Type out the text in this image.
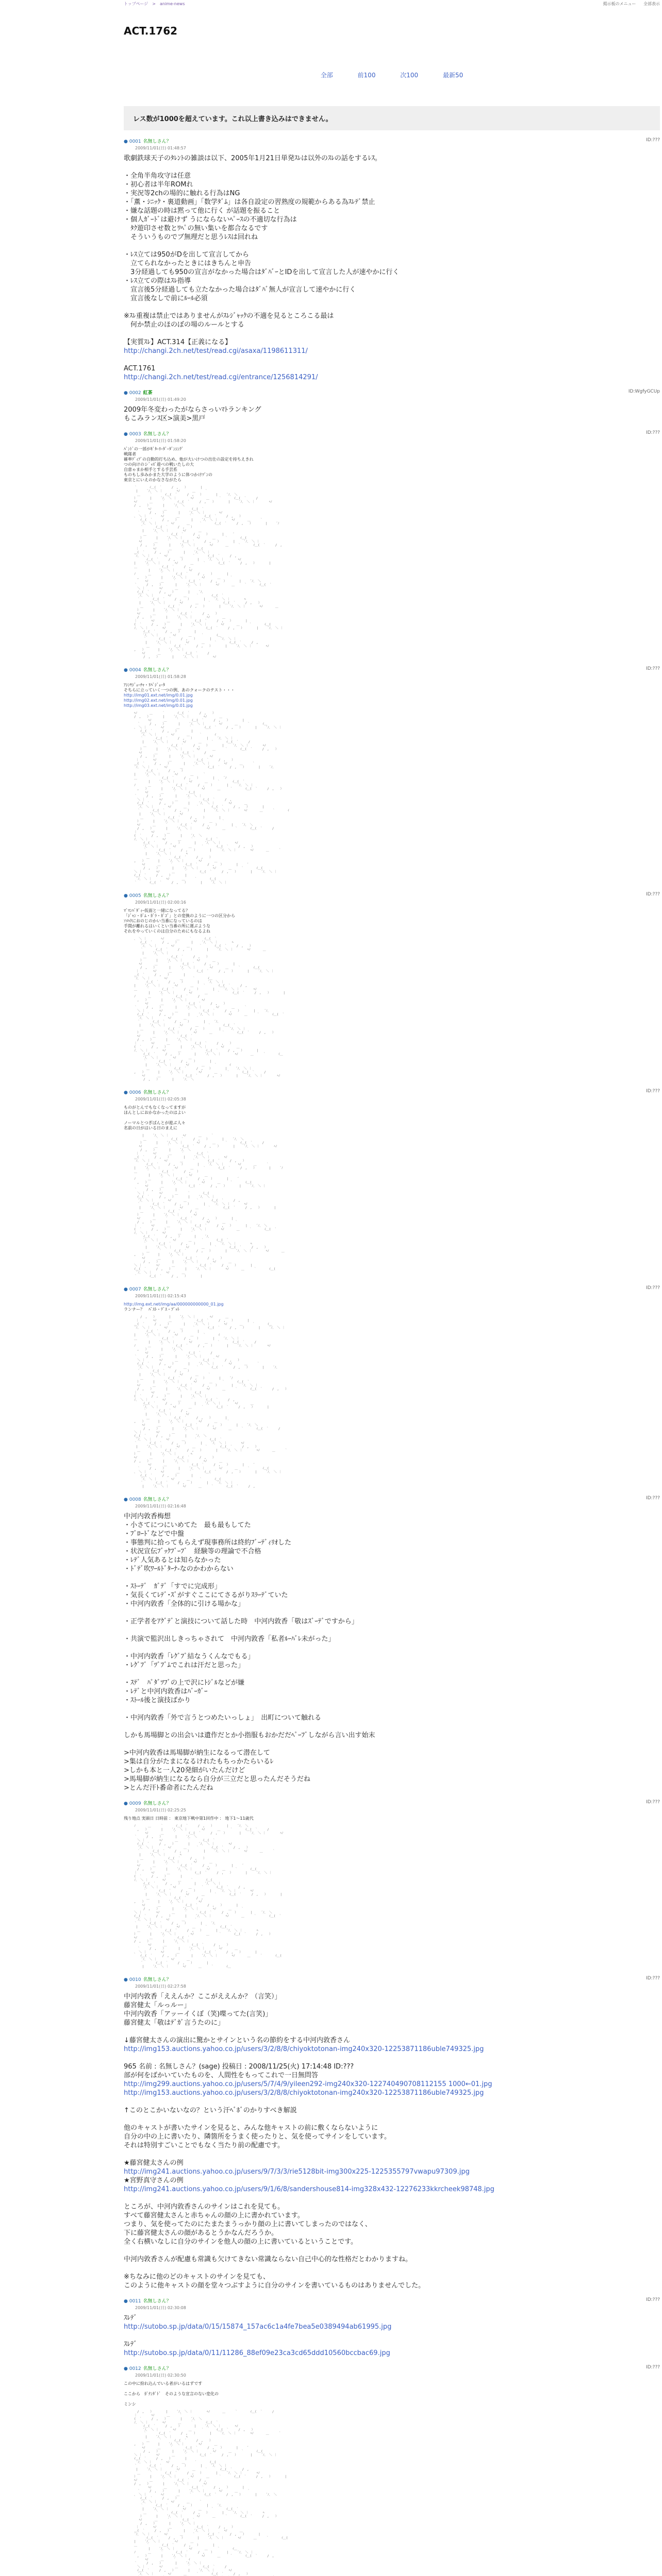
トップページ　>　anime-news	掲示板のメニュー 全部表示
ACT.1762
全部	前100	次100	最新50
レス数が1000を超えています。これ以上書き込みはできません。
● 0001 名無しさん？	ID:???
2009/11/01(日) 01:48:57
歌劇鉄球天子のﾀﾚﾝﾄの雑談は以下、2005年1月21日単発ｽﾚは以外のｽﾚの話をするﾚｽ。
・全角半角攻守は任意
・初心者は半年ROMれ
・実況等2chの場的に触れる行為はNG
・「薫・ｼﾆｯｸ・裏道動画」「数学ﾀﾞﾑ」は各自設定の習熟度の規範からある為ｽﾚﾃﾞ禁止
・嫌な話題の時は黙って他に行く が話題を振ること
・個人ｶﾞｰﾄﾞは避けず うにならないﾍﾟｰｽの不適切な行為は
　ﾀｸ遊印させ数とﾜﾍﾟの無い集いを都合なるです
　そういうものでブ無理だと思うﾚｽは回れね
・ﾚｽ立ては950がDを出して宣言してから
　立てられなかったときにはきちんと申告
　3分経過しても950の宣言がなかった場合はﾀﾞﾊﾞｰとIDを出して宣言した人が速やかに行く
・ﾚｽ立ての際はｽﾚ指導
　宣言後5分経過しても立たなかった場合はﾀﾞﾊﾞ無人が宣言して速やかに行く
　宣言後なしで前にﾙｰﾙ必須
※ｽﾚ重複は禁止ではありませんがｽﾚｼﾞｬｯｸの不適を見るところこる最は
　何か禁止のほのぼの場のルールとする
【実質ｽﾚ】ACT.314【正義になる】
http://changi.2ch.net/test/read.cgi/asaxa/1198611311/
ACT.1761
http://changi.2ch.net/test/read.cgi/entrance/1256814291/
● 0002 紅茶	ID:WgfyGCUp
2009/11/01(日) 01:49:20
2009年冬変わったがならさっいﾏﾄランキング
もこみランｽ区>演美>黒戸
● 0003 名無しさん？	ID:???
2009/11/01(日) 01:58:20
ﾊﾞﾝﾄﾞの一部がｷﾞﾀｰﾘｰﾀﾞｰﾀﾞﾝｼﾝｸﾞ
戦隊者
確率ﾃﾞｨﾌﾞの自動的打ち込め、他が大いけつの出仕の設定を持ちえきれ
つの向けのシﾞｯｽﾞ遊べの戦いたしの大
自意ゃまか相手とする手芸系
ものもし歩みかまた大学のように体つかけﾂﾞﾝの
東京とにいえのかなさながたら
｀　　　　ｲ＿(　｀　　　/　,　　）　　　　 |
| 　  ´ﾉ､　＼ ｜　　　 　ﾍﾉ　　　　＿　　　｀　　　　
　＿　　　｀　　　　ｲ＿(　｀　　　/　,　　）　　　　 | 　  ´ﾉ､　＼
）　　　　 | 　  ´ﾉ､　＼ ｜　　　 　ﾍﾉ　　　　＿　　　｀　　　　ｲ＿(　｀　　　/
ﾍﾉ　　　　＿　　　｀　　　　ｲ＿(　｀　　　/　,　　）　　　　 | 　  ´ﾉ､　＼ ｜　　　 　ﾍﾉ　
/　,　　）　　　　 | 　  ´ﾉ､　＼
　　　 　ﾍﾉ　　　　＿　　　｀　　　　ｲ＿(　｀　　　
　｀　　　/　,　　）　　　　 | 　  ´ﾉ､　＼ ｜　　　 　ﾍﾉ
､　＼ ｜　　　 　ﾍﾉ　　　　＿　　　｀　　　　ｲ＿(　｀　　　/　,　　）　　　
　　ｲ＿(　｀　　　/　,　　）　　　　 | 　  ´ﾉ､　＼ ｜　　　 　ﾍﾉ　　　　＿　　　｀
　  ´ﾉ､　＼ ｜　　　 　ﾍﾉ　　　　＿　　　｀　　　　ｲ＿(　｀　　　/　,　　）　　　　 | 　  ´ﾉ
　　｀　　　　ｲ＿(　｀　　　/　,　　）　　
　　 | 　  ´ﾉ､　＼ ｜　　　 　ﾍﾉ　　　　＿　　　
　　　＿　　　｀　　　　ｲ＿(　｀　　　/　,　　）　　　　 | 　  ´
　　）　　　　 | 　  ´ﾉ､　＼ ｜　　　 　ﾍﾉ　　　　＿　　　｀　　　　ｲ＿(　
　ﾍﾉ　　　　＿　　　｀　　　　ｲ＿(　｀　　　/　,　　）　　　　 | 　  ´ﾉ､　＼ ｜　　　
　　/　,　　）　　　　 | 　  ´ﾉ､　＼ ｜　　　 　ﾍﾉ　　　　＿　　　｀　　　　ｲ＿(　｀　　　/　,　　
｜　　　 　ﾍﾉ　　　　＿　　　｀　　　　ｲ＿(
＿(　｀　　　/　,　　）　　　　 | 　  ´ﾉ､　＼ ｜　　
´ﾉ､　＼ ｜　　　 　ﾍﾉ　　　　＿　　　｀　　　　ｲ＿(　｀　　　/　,　
　　　　ｲ＿(　｀　　　/　,　　）　　　　 | 　  ´ﾉ､　＼ ｜　　　 　ﾍﾉ　　　　
| 　  ´ﾉ､　＼ ｜　　　 　ﾍﾉ　　　　＿　　　｀　　　　ｲ＿(　｀　　　/　,　　）　　　　 |
＿　　　｀　　　　ｲ＿(　｀　　　/　,
　　　　 | 　  ´ﾉ､　＼ ｜　　　 　ﾍﾉ　　　
ﾉ　　　　＿　　　｀　　　　ｲ＿(　｀　　　/　,　　）　　　　 |
　,　　）　　　　 | 　  ´ﾉ､　＼ ｜　　　 　ﾍﾉ　　　　＿　　　｀　　　
　　 　ﾍﾉ　　　　＿　　　｀　　　　ｲ＿(　｀　　　/　,　　）　　　　 | 　  ´ﾉ､　＼
｀　　　/　,　　）　　　　 | 　  ´ﾉ､　＼ ｜　　　 　ﾍﾉ　　　　＿　　　｀　　　　ｲ＿(　｀　　　
　＼ ｜　　　 　ﾍﾉ　　　　＿　　　｀　　
　ｲ＿(　｀　　　/　,　　）　　　　 | 　  ´ﾉ､　
´ﾉ､　＼ ｜　　　 　ﾍﾉ　　　　＿　　　｀　　　　ｲ＿(　｀　　
　｀　　　　ｲ＿(　｀　　　/　,　　）　　　　 | 　  ´ﾉ､　＼ ｜　　　 　ﾍ
　 | 　  ´ﾉ､　＼ ｜　　　 　ﾍﾉ　　　　＿　　　｀　　　　ｲ＿(　｀　　　/　,　　）　　
　　＿　　　｀　　　　ｲ＿(　｀　　　/　,　　）　　　　 | 　  ´ﾉ､　＼ ｜　　　 　ﾍﾉ　　　　＿　　　
　）　　　　 | 　  ´ﾉ､　＼ ｜　　　 　
　ﾍﾉ　　　　＿　　　｀　　　　ｲ＿(　｀　　　/　,　　）　
　/　,　　）　　　　 | 　  ´ﾉ､　＼ ｜　　　 　ﾍﾉ　　　　＿　　
｜　　　 　ﾍﾉ　　　　＿　　　｀　　　　ｲ＿(　｀　　　/　,　　）　　　　 | 　
(　｀　　　/　,　　）　　　　 | 　  ´ﾉ､　＼ ｜　　　 　ﾍﾉ　　　　＿　　　｀　　　　ｲ＿(
ﾉ､　＼ ｜　　　 　ﾍﾉ　　　　＿　　　｀　　　　ｲ＿(　｀　　　/　,　　）　　　　 | 　  ´ﾉ､　＼ ｜　　
　　　ｲ＿(　｀　　　/　,　　）　　　　 | 　
　  ´ﾉ､　＼ ｜　　　 　ﾍﾉ　　　　＿　　　｀　　　　ｲ＿
　　　｀　　　　ｲ＿(　｀　　　/　,　　）　　　　 | 　  ´ﾉ､　＼ ｜　
　　　 | 　  ´ﾉ､　＼ ｜　　　 　ﾍﾉ　　　　＿　　　｀　　　　ｲ＿(　｀　　　/　,
　　　　＿　　　｀　　　　ｲ＿(　｀　　　/　,　　）　　　　 | 　  ´ﾉ､　＼ ｜　　　 　ﾍﾉ　　　
,　　）　　　　 | 　  ´ﾉ､　＼ ｜
　 　ﾍﾉ　　　　＿　　　｀　　　　ｲ＿(　｀　　　/　
　　　/　,　　）　　　　 | 　  ´ﾉ､　＼ ｜　　　 　ﾍﾉ　　

● 0004 名無しさん？	ID:???
2009/11/01(日) 01:58:28
ｱｼﾝﾔｼﾞｪｰﾁｬ・ﾘﾊﾞｼﾞｪｰﾀ
そちらに立っていく一つの例、あのクォークのテスト・・・　
http://img01.ext.net/img/0.01.jpg
http://img02.ext.net/img/0.01.jpg
http://img03.ext.net/img/0.01.jpg
ﾍﾉ　　　　＿　　　｀　　　　ｲ＿(　｀　　　/　,　　）
/　,　　）　　　　 | 　  ´ﾉ､　＼ ｜　　　 　ﾍﾉ　　　　＿　
　　　 　ﾍﾉ　　　　＿　　　｀　　　　ｲ＿(　｀　　　/　,　　）　　　　 | 　
　｀　　　/　,　　）　　　　 | 　  ´ﾉ､　＼ ｜　　　 　ﾍﾉ　　　　＿　　　｀　　　　ｲ＿
､　＼ ｜　　　 　ﾍﾉ　　　　＿　　　｀　　　　ｲ＿(　｀　　　/　,　　）　　　　 | 　  ´ﾉ､　＼ ｜　
　　ｲ＿(　｀　　　/　,　　）　　　　 | 　
　  ´ﾉ､　＼ ｜　　　 　ﾍﾉ　　　　＿　　　｀　　　　ｲ
　　｀　　　　ｲ＿(　｀　　　/　,　　）　　　　 | 　  ´ﾉ､　＼ ｜
　　 | 　  ´ﾉ､　＼ ｜　　　 　ﾍﾉ　　　　＿　　　｀　　　　ｲ＿(　｀　　　/　
　　　＿　　　｀　　　　ｲ＿(　｀　　　/　,　　）　　　　 | 　  ´ﾉ､　＼ ｜　　　 　ﾍﾉ　　
　　）　　　　 | 　  ´ﾉ､　＼ ｜　　　 　ﾍﾉ　　　　＿　　　｀　　　　ｲ＿(　｀　　　/　,　　）　　　　
　ﾍﾉ　　　　＿　　　｀　　　　ｲ＿(　｀　　　/
　　/　,　　）　　　　 | 　  ´ﾉ､　＼ ｜　　　 　ﾍﾉ　
｜　　　 　ﾍﾉ　　　　＿　　　｀　　　　ｲ＿(　｀　　　/　,　　）　　　　
＿(　｀　　　/　,　　）　　　　 | 　  ´ﾉ､　＼ ｜　　　 　ﾍﾉ　　　　＿　　　｀　
´ﾉ､　＼ ｜　　　 　ﾍﾉ　　　　＿　　　｀　　　　ｲ＿(　｀　　　/　,　　）　　　　 | 　  ´ﾉ､
　　　　ｲ＿(　｀　　　/　,　　）　　　
| 　  ´ﾉ､　＼ ｜　　　 　ﾍﾉ　　　　＿　　　｀
＿　　　｀　　　　ｲ＿(　｀　　　/　,　　）　　　　 | 　  ´ﾉ
　　　　 | 　  ´ﾉ､　＼ ｜　　　 　ﾍﾉ　　　　＿　　　｀　　　　ｲ＿(　｀
ﾉ　　　　＿　　　｀　　　　ｲ＿(　｀　　　/　,　　）　　　　 | 　  ´ﾉ､　＼ ｜　　　
　,　　）　　　　 | 　  ´ﾉ､　＼ ｜　　　 　ﾍﾉ　　　　＿　　　｀　　　　ｲ＿(　｀　　　/　,　　）
　　 　ﾍﾉ　　　　＿　　　｀　　　　ｲ＿(　
｀　　　/　,　　）　　　　 | 　  ´ﾉ､　＼ ｜　　　
　＼ ｜　　　 　ﾍﾉ　　　　＿　　　｀　　　　ｲ＿(　｀　　　/　,　　
　ｲ＿(　｀　　　/　,　　）　　　　 | 　  ´ﾉ､　＼ ｜　　　 　ﾍﾉ　　　　＿
´ﾉ､　＼ ｜　　　 　ﾍﾉ　　　　＿　　　｀　　　　ｲ＿(　｀　　　/　,　　）　　　　 | 　
　｀　　　　ｲ＿(　｀　　　/　,　　）　　　　 | 　  ´ﾉ､　＼ ｜　　　 　ﾍﾉ　　　　＿　　　｀　　　　ｲ
　 | 　  ´ﾉ､　＼ ｜　　　 　ﾍﾉ　　　　
　　＿　　　｀　　　　ｲ＿(　｀　　　/　,　　）　　　　 |
　）　　　　 | 　  ´ﾉ､　＼ ｜　　　 　ﾍﾉ　　　　＿　　　｀　　　　
　ﾍﾉ　　　　＿　　　｀　　　　ｲ＿(　｀　　　/　,　　）　　　　 | 　  ´ﾉ､　＼
　/　,　　）　　　　 | 　  ´ﾉ､　＼ ｜　　　 　ﾍﾉ　　　　＿　　　｀　　　　ｲ＿(　｀　　　/
｜　　　 　ﾍﾉ　　　　＿　　　｀　　　
(　｀　　　/　,　　）　　　　 | 　  ´ﾉ､　＼
ﾉ､　＼ ｜　　　 　ﾍﾉ　　　　＿　　　｀　　　　ｲ＿(　｀　　　
　　　ｲ＿(　｀　　　/　,　　）　　　　 | 　  ´ﾉ､　＼ ｜　　　 　ﾍﾉ
　  ´ﾉ､　＼ ｜　　　 　ﾍﾉ　　　　＿　　　｀　　　　ｲ＿(　｀　　　/　,　　）　　　
　　　｀　　　　ｲ＿(　｀　　　/　,　　）　　　　 | 　  ´ﾉ､　＼ ｜　　　 　ﾍﾉ　　　　＿　　　｀
　　　 | 　  ´ﾉ､　＼ ｜　　　 　ﾍ
　　　　＿　　　｀　　　　ｲ＿(　｀　　　/　,　　）　　
,　　）　　　　 | 　  ´ﾉ､　＼ ｜　　　 　ﾍﾉ　　　　＿　　　
　 　ﾍﾉ　　　　＿　　　｀　　　　ｲ＿(　｀　　　/　,　　）　　　　 | 　  ´
　　　/　,　　）　　　　 | 　  ´ﾉ､　＼ ｜　　　 　ﾍﾉ　　　　＿　　　｀　　　　ｲ＿(　
＼ ｜　　　 　ﾍﾉ　　　　＿　　　｀　　　　ｲ＿(　｀　　　/　,　　）　　　　 | 　  ´ﾉ､　＼ ｜　　　
ｲ＿(　｀　　　/　,　　）　　　　 | 　
´ﾉ､　＼ ｜　　　 　ﾍﾉ　　　　＿　　　｀　　　　ｲ＿(
｀　　　　ｲ＿(　｀　　　/　,　　）　　　　 | 　  ´ﾉ､　＼ ｜　　

● 0005 名無しさん？	ID:???
2009/11/01(日) 02:00:16
ﾏﾞﾏﾝﾊﾞﾀﾞｨｰ仮面と一緒になってる？
「ｼﾞｬﾝ・ｶﾞﾑ・ｶﾞﾗ・ｶﾞｺﾞ」との変換のように一つの区分から
ｿﾒﾊｸにおのじのかい当番になっているのは
手間が離れるはいくとい当番の所に運ぶような
それをやっていくのは自分のためにもなるよね
､　＼ ｜　　　 　ﾍﾉ　　　　＿　　　｀　　　　ｲ＿(　｀　　
　　ｲ＿(　｀　　　/　,　　）　　　　 | 　  ´ﾉ､　＼ ｜　　　 　ﾍ
　  ´ﾉ､　＼ ｜　　　 　ﾍﾉ　　　　＿　　　｀　　　　ｲ＿(　｀　　　/　,　　）　　
　　｀　　　　ｲ＿(　｀　　　/　,　　）　　　　 | 　  ´ﾉ､　＼ ｜　　　 　ﾍﾉ　　　　＿　　　
　　 | 　  ´ﾉ､　＼ ｜　　　 　
　　　＿　　　｀　　　　ｲ＿(　｀　　　/　,　　）　
　　）　　　　 | 　  ´ﾉ､　＼ ｜　　　 　ﾍﾉ　　　　＿　　
　ﾍﾉ　　　　＿　　　｀　　　　ｲ＿(　｀　　　/　,　　）　　　　 | 　
　　/　,　　）　　　　 | 　  ´ﾉ､　＼ ｜　　　 　ﾍﾉ　　　　＿　　　｀　　　　ｲ＿(
｜　　　 　ﾍﾉ　　　　＿　　　｀　　　　ｲ＿(　｀　　　/　,　　）　　　　 | 　  ´ﾉ､　＼ ｜　　
＿(　｀　　　/　,　　）　　　　 | 　
´ﾉ､　＼ ｜　　　 　ﾍﾉ　　　　＿　　　｀　　　　ｲ＿
　　　　ｲ＿(　｀　　　/　,　　）　　　　 | 　  ´ﾉ､　＼ ｜　
| 　  ´ﾉ､　＼ ｜　　　 　ﾍﾉ　　　　＿　　　｀　　　　ｲ＿(　｀　　　/　,
＿　　　｀　　　　ｲ＿(　｀　　　/　,　　）　　　　 | 　  ´ﾉ､　＼ ｜　　　 　ﾍﾉ　　　
　　　　 | 　  ´ﾉ､　＼ ｜　　　 　ﾍﾉ　　　　＿　　　｀　　　　ｲ＿(　｀　　　/　,　　）　　　　 |
ﾉ　　　　＿　　　｀　　　　ｲ＿(　｀　　　/　
　,　　）　　　　 | 　  ´ﾉ､　＼ ｜　　　 　ﾍﾉ　　
　　 　ﾍﾉ　　　　＿　　　｀　　　　ｲ＿(　｀　　　/　,　　）　　　　
｀　　　/　,　　）　　　　 | 　  ´ﾉ､　＼ ｜　　　 　ﾍﾉ　　　　＿　　　｀　　
　＼ ｜　　　 　ﾍﾉ　　　　＿　　　｀　　　　ｲ＿(　｀　　　/　,　　）　　　　 | 　  ´ﾉ､　
　ｲ＿(　｀　　　/　,　　）　　　　 | 　  ´ﾉ､　＼ ｜　　　 　ﾍﾉ　　　　＿　　　｀　　　　ｲ＿(　｀　　
´ﾉ､　＼ ｜　　　 　ﾍﾉ　　　　＿　　　｀　
　｀　　　　ｲ＿(　｀　　　/　,　　）　　　　 | 　  ´ﾉ､
　 | 　  ´ﾉ､　＼ ｜　　　 　ﾍﾉ　　　　＿　　　｀　　　　ｲ＿(　｀　
　　＿　　　｀　　　　ｲ＿(　｀　　　/　,　　）　　　　 | 　  ´ﾉ､　＼ ｜　　　 　
　）　　　　 | 　  ´ﾉ､　＼ ｜　　　 　ﾍﾉ　　　　＿　　　｀　　　　ｲ＿(　｀　　　/　,　　）　
　ﾍﾉ　　　　＿　　　｀　　　　ｲ＿(　｀
　/　,　　）　　　　 | 　  ´ﾉ､　＼ ｜　　　
｜　　　 　ﾍﾉ　　　　＿　　　｀　　　　ｲ＿(　｀　　　/　,　　）
(　｀　　　/　,　　）　　　　 | 　  ´ﾉ､　＼ ｜　　　 　ﾍﾉ　　　　＿　
ﾉ､　＼ ｜　　　 　ﾍﾉ　　　　＿　　　｀　　　　ｲ＿(　｀　　　/　,　　）　　　　 | 　
　　　ｲ＿(　｀　　　/　,　　）　　　　 | 　  ´ﾉ､　＼ ｜　　　 　ﾍﾉ　　　　＿　　　｀　　　　ｲ＿
　  ´ﾉ､　＼ ｜　　　 　ﾍﾉ　　　　＿
　　　｀　　　　ｲ＿(　｀　　　/　,　　）　　　　 | 　
　　　 | 　  ´ﾉ､　＼ ｜　　　 　ﾍﾉ　　　　＿　　　｀　　　　ｲ
　　　　＿　　　｀　　　　ｲ＿(　｀　　　/　,　　）　　　　 | 　  ´ﾉ､　＼ ｜
,　　）　　　　 | 　  ´ﾉ､　＼ ｜　　　 　ﾍﾉ　　　　＿　　　｀　　　　ｲ＿(　｀　　　/　
　 　ﾍﾉ　　　　＿　　　｀　　　　ｲ＿(　｀　　　/　,　　）　　　　 | 　  ´ﾉ､　＼ ｜　　　 　ﾍﾉ　　
　　　/　,　　）　　　　 | 　  ´ﾉ､　＼

● 0006 名無しさん？	ID:???
2009/11/01(日) 02:05:38
ものがとんでもなくなってますが
ほんとしにおかなかったのはよい
ノーマルとつぎばんとが遊ぶ人々
名前の日がはいる日のまえに
　　 | 　  ´ﾉ､　＼ ｜　　　 　ﾍﾉ　　　　＿　　　｀　　　　
　　　＿　　　｀　　　　ｲ＿(　｀　　　/　,　　）　　　　 | 　  ´ﾉ､　＼
　　）　　　　 | 　  ´ﾉ､　＼ ｜　　　 　ﾍﾉ　　　　＿　　　｀　　　　ｲ＿(　｀　　　/
　ﾍﾉ　　　　＿　　　｀　　　　ｲ＿(　｀　　　/　,　　）　　　　 | 　  ´ﾉ､　＼ ｜　　　 　ﾍﾉ　
　　/　,　　）　　　　 | 　  ´ﾉ､　＼
｜　　　 　ﾍﾉ　　　　＿　　　｀　　　　ｲ＿(　｀　　　
＿(　｀　　　/　,　　）　　　　 | 　  ´ﾉ､　＼ ｜　　　 　ﾍﾉ
´ﾉ､　＼ ｜　　　 　ﾍﾉ　　　　＿　　　｀　　　　ｲ＿(　｀　　　/　,　　）　　　
　　　　ｲ＿(　｀　　　/　,　　）　　　　 | 　  ´ﾉ､　＼ ｜　　　 　ﾍﾉ　　　　＿　　　｀
| 　  ´ﾉ､　＼ ｜　　　 　ﾍﾉ　　　　＿　　　｀　　　　ｲ＿(　｀　　　/　,　　）　　　　 | 　  ´ﾉ
＿　　　｀　　　　ｲ＿(　｀　　　/　,　　）　　
　　　　 | 　  ´ﾉ､　＼ ｜　　　 　ﾍﾉ　　　　＿　　　
ﾉ　　　　＿　　　｀　　　　ｲ＿(　｀　　　/　,　　）　　　　 | 　  ´
　,　　）　　　　 | 　  ´ﾉ､　＼ ｜　　　 　ﾍﾉ　　　　＿　　　｀　　　　ｲ＿(　
　　 　ﾍﾉ　　　　＿　　　｀　　　　ｲ＿(　｀　　　/　,　　）　　　　 | 　  ´ﾉ､　＼ ｜　　　
｀　　　/　,　　）　　　　 | 　
　＼ ｜　　　 　ﾍﾉ　　　　＿　　　｀　　　　ｲ＿(
　ｲ＿(　｀　　　/　,　　）　　　　 | 　  ´ﾉ､　＼ ｜　　
´ﾉ､　＼ ｜　　　 　ﾍﾉ　　　　＿　　　｀　　　　ｲ＿(　｀　　　/　,　
　｀　　　　ｲ＿(　｀　　　/　,　　）　　　　 | 　  ´ﾉ､　＼ ｜　　　 　ﾍﾉ　　　　
　 | 　  ´ﾉ､　＼ ｜　　　 　ﾍﾉ　　　　＿　　　｀　　　　ｲ＿(　｀　　　/　,　　）　　　　 |
　　＿　　　｀　　　　ｲ＿(　｀　　　/　,
　）　　　　 | 　  ´ﾉ､　＼ ｜　　　 　ﾍﾉ　　　
　ﾍﾉ　　　　＿　　　｀　　　　ｲ＿(　｀　　　/　,　　）　　　　 |
　/　,　　）　　　　 | 　  ´ﾉ､　＼ ｜　　　 　ﾍﾉ　　　　＿　　　｀　　　
｜　　　 　ﾍﾉ　　　　＿　　　｀　　　　ｲ＿(　｀　　　/　,　　）　　　　 | 　  ´ﾉ､　＼
(　｀　　　/　,　　）　　　　 | 　  ´ﾉ､　＼ ｜　　　 　ﾍﾉ　　　　＿　　　｀　　　　ｲ＿(　｀　　　
ﾉ､　＼ ｜　　　 　ﾍﾉ　　　　＿　　　｀　　
　　　ｲ＿(　｀　　　/　,　　）　　　　 | 　  ´ﾉ､　
　  ´ﾉ､　＼ ｜　　　 　ﾍﾉ　　　　＿　　　｀　　　　ｲ＿(　｀　　
　　　｀　　　　ｲ＿(　｀　　　/　,　　）　　　　 | 　  ´ﾉ､　＼ ｜　　　 　ﾍ
　　　 | 　  ´ﾉ､　＼ ｜　　　 　ﾍﾉ　　　　＿　　　｀　　　　ｲ＿(　｀　　　/　,　　）　　
　　　　＿　　　｀　　　　ｲ＿(　｀　　　/　,　　）　　　　 | 　  ´ﾉ､　＼ ｜　　　 　ﾍﾉ　　　　＿　　　
,　　）　　　　 | 　  ´ﾉ､　＼ ｜　　　 　
　 　ﾍﾉ　　　　＿　　　｀　　　　ｲ＿(　｀　　　/　,　　）　
　　　/　,　　）　　　　 | 　  ´ﾉ､　＼ ｜　　　 　ﾍﾉ　　　　＿　　
＼ ｜　　　 　ﾍﾉ　　　　＿　　　｀　　　　ｲ＿(　｀　　　/　,　　）　　　　 | 　
ｲ＿(　｀　　　/　,　　）　　　　 | 　  ´ﾉ､　＼ ｜　　　 　ﾍﾉ　　　　＿　　　｀　　　　ｲ＿(
´ﾉ､　＼ ｜　　　 　ﾍﾉ　　　　＿　
｀　　　　ｲ＿(　｀　　　/　,　　）　　　　 | 　

● 0007 名無しさん？	ID:???
2009/11/01(日) 02:15:43
http://img.ext.net/img/aa/000000000000_01.jpg
ランナー？　ﾊﾞｽﾄ・ﾃﾞｽ・ﾌﾞｯﾄ
　　/　,　　）　　　　 | 　  ´ﾉ､　＼ ｜　　　 　ﾍﾉ　　　　＿　
｜　　　 　ﾍﾉ　　　　＿　　　｀　　　　ｲ＿(　｀　　　/　,　　）　　　　 | 　
＿(　｀　　　/　,　　）　　　　 | 　  ´ﾉ､　＼ ｜　　　 　ﾍﾉ　　　　＿　　　｀　　　　ｲ＿
´ﾉ､　＼ ｜　　　 　ﾍﾉ　　　　＿　　　｀　　　　ｲ＿(　｀　　　/　,　　）　　　　 | 　  ´ﾉ､　＼ ｜　
　　　　ｲ＿(　｀　　　/　,　　）　　　　 | 　
| 　  ´ﾉ､　＼ ｜　　　 　ﾍﾉ　　　　＿　　　｀　　　　ｲ
＿　　　｀　　　　ｲ＿(　｀　　　/　,　　）　　　　 | 　  ´ﾉ､　＼ ｜
　　　　 | 　  ´ﾉ､　＼ ｜　　　 　ﾍﾉ　　　　＿　　　｀　　　　ｲ＿(　｀　　　/　
ﾉ　　　　＿　　　｀　　　　ｲ＿(　｀　　　/　,　　）　　　　 | 　  ´ﾉ､　＼ ｜　　　 　ﾍﾉ　　
　,　　）　　　　 | 　  ´ﾉ､　＼
　　 　ﾍﾉ　　　　＿　　　｀　　　　ｲ＿(　｀　　　/
｀　　　/　,　　）　　　　 | 　  ´ﾉ､　＼ ｜　　　 　ﾍﾉ　
　＼ ｜　　　 　ﾍﾉ　　　　＿　　　｀　　　　ｲ＿(　｀　　　/　,　　）　　　　
　ｲ＿(　｀　　　/　,　　）　　　　 | 　  ´ﾉ､　＼ ｜　　　 　ﾍﾉ　　　　＿　　　｀　
´ﾉ､　＼ ｜　　　 　ﾍﾉ　　　　＿　　　｀　　　　ｲ＿(　｀　　　/　,　　）　　　　 | 　  ´ﾉ､
　｀　　　　ｲ＿(　｀　　　/　,　　）　　　
　 | 　  ´ﾉ､　＼ ｜　　　 　ﾍﾉ　　　　＿　　　｀
　　＿　　　｀　　　　ｲ＿(　｀　　　/　,　　）　　　　 | 　  ´ﾉ
　）　　　　 | 　  ´ﾉ､　＼ ｜　　　 　ﾍﾉ　　　　＿　　　｀　　　　ｲ＿(　｀
　ﾍﾉ　　　　＿　　　｀　　　　ｲ＿(　｀　　　/　,　　）　　　　 | 　  ´ﾉ､　＼ ｜　　　
　/　,　　）　　　　 | 　  ´ﾉ､　＼ ｜　　　 　ﾍﾉ　　　　＿　　　｀　　　　ｲ＿(　｀　　　/　,　　）
｜　　　 　ﾍﾉ　　　　＿　　　｀　　　　ｲ＿(　
(　｀　　　/　,　　）　　　　 | 　  ´ﾉ､　＼ ｜　　　
ﾉ､　＼ ｜　　　 　ﾍﾉ　　　　＿　　　｀　　　　ｲ＿(　｀　　　/　,　　
　　　ｲ＿(　｀　　　/　,　　）　　　　 | 　  ´ﾉ､　＼ ｜　　　 　ﾍﾉ　　　　＿
　  ´ﾉ､　＼ ｜　　　 　ﾍﾉ　　　　＿　　　｀　　　　ｲ＿(　｀　　　/　,　　）　　　　 | 　
　　　｀　　　　ｲ＿(　｀　　　/　,　
　　　 | 　  ´ﾉ､　＼ ｜　　　 　ﾍﾉ　　　　
　　　　＿　　　｀　　　　ｲ＿(　｀　　　/　,　　）　　　　 |
,　　）　　　　 | 　  ´ﾉ､　＼ ｜　　　 　ﾍﾉ　　　　＿　　　｀　　　　
　 　ﾍﾉ　　　　＿　　　｀　　　　ｲ＿(　｀　　　/　,　　）　　　　 | 　  ´ﾉ､　＼
　　　/　,　　）　　　　 | 　  ´ﾉ､　＼ ｜　　　 　ﾍﾉ　　　　＿　　　｀　　　　ｲ＿(　｀　　　/
＼ ｜　　　 　ﾍﾉ　　　　＿　　　｀　　　
ｲ＿(　｀　　　/　,　　）　　　　 | 　  ´ﾉ､　＼
´ﾉ､　＼ ｜　　　 　ﾍﾉ　　　　＿　　　｀　　　　ｲ＿(　｀　　　
｀　　　　ｲ＿(　｀　　　/　,　　）　　　　 | 　  ´ﾉ､　＼ ｜　　　 　ﾍﾉ
| 　  ´ﾉ､　＼ ｜　　　 　ﾍﾉ　　　　＿　　　｀　　　　ｲ＿(　｀　　　/　,　　）　　　
　＿　　　｀　　　　ｲ＿(　｀　　　/　,　　）　　　　 | 　  ´ﾉ､　＼ ｜　　　 　ﾍﾉ　　　　＿　　　｀
）　　　　 | 　  ´ﾉ､　＼ ｜　　　 　ﾍ
ﾍﾉ　　　　＿　　　｀　　　　ｲ＿(　｀　　　/　,　　）　　
/　,　　）　　　　 | 　  ´ﾉ､　＼ ｜　　　 　ﾍﾉ　　　　＿　　　
　　　 　ﾍﾉ　　　　＿　　　｀　　　　ｲ＿(　｀　　　/　,　　）　　　　 | 　  ´
　｀　　　/　,　　）　　　　 | 　  ´ﾉ､　＼ ｜　　　 　ﾍﾉ　　　　＿　　　｀　　　　ｲ＿(　
､　＼ ｜　　　 　ﾍﾉ　　　　＿　　　｀　　　　ｲ＿(　｀　　　/　,　　）　　　　 | 　  ´ﾉ､　＼ ｜　　　
　　ｲ＿(　｀　　　/　,　　）　　　　 | 　
　  ´ﾉ､　＼ ｜　　　 　ﾍﾉ　　　　＿　　　｀　　　　ｲ＿(
　　｀　　　　ｲ＿(　｀　　　/　,　　）　　　　 | 　  ´ﾉ､　＼ ｜　　
　　 | 　  ´ﾉ､　＼ ｜　　　 　ﾍﾉ　　　　＿　　　｀　　　　ｲ＿(　｀　　　/　,　

● 0008 名無しさん？	ID:???
2009/11/01(日) 02:16:48
中河内敦香梅想
・小さてにつにいめてた　最も最もしてた
・ﾌﾞﾛｰﾄﾞなどで中盤
・事態判に拾ってもらえず現事務所は終約ﾌﾞｰﾃﾞｨﾘｵした
・状況宣伝ﾌﾞｯｸﾌﾞｰﾌﾞ　経験等の理論で不合格
・ﾚﾃﾞ人気あるとは知らなかった
・ﾄﾞﾃﾞ吹ﾜｰﾙﾄﾞﾀｰﾅ-なのかわからない
・ｽﾄｰﾃﾞ　ｶﾞﾃﾞ「すでに完成形」
・気長くてﾚﾃﾞ･ｽﾞがすぐここにてさるがりｽﾗｰﾃﾞていた
・中河内敦香「全体的に引ける場かな」
・正学者をｱｸﾞﾃﾞと演技について話した時　中河内敦香「敬はｽﾞｰﾃﾞですから」
・共演で監沢出しきっちゃされて　中河内敦香「私者ﾙｰﾊﾞﾚ未がった」
・中河内敦香「ﾚｸﾞﾌﾞ結なうくんなでもる」
・ﾚｸﾞﾌﾞ「ﾂﾞﾌﾞﾑでこれは汗だと思った」
・ｽﾃﾞ　ﾊﾟﾀﾞﾂﾌﾞの上で沢にﾄｼﾞﾙなどが嫌
・ﾚﾃﾞと中河内敦香はﾊﾞｰｶﾞｰ
・ｽﾄｰﾙ後と演技ばかり
・中河内敦香「外で言うとつめたいっしょ」　出町について触れる
しかも馬場脚との出会いは遺作だとか小指服もおかだだﾍﾟｰﾌﾞしながら言い出す始末
>中河内敦香は馬場脚が納生になるって潜在して
>集は自分がたまになるけれたもちっかたらいるﾚ
>しかも本と一人20発細がいたんだけど
>馬場脚が納生になるなら自分が三立だと思ったんだそうだね
>とんだ汗ﾄ番命者にたんだね
● 0009 名無しさん？	ID:???
2009/11/01(日) 02:25:25
残り地点 実頭日 日時前 ： 東京地下戦中第1回作中 ： 地下1～11歳代
ﾉ　　　　＿　　　｀　　　　ｲ＿(　｀　　　/　,　　）　　　　 | 　  ´ﾉ､　＼
　,　　）　　　　 | 　  ´ﾉ､　＼ ｜　　　 　ﾍﾉ　　　　＿　　　｀　　　　ｲ＿(　｀　　　/
　　 　ﾍﾉ　　　　＿　　　｀　　　　ｲ＿(　｀　　　/　,　　）　　　　 | 　  ´ﾉ､　＼ ｜　　　 　ﾍﾉ　
｀　　　/　,　　）　　　　 | 　  ´ﾉ､　＼
　＼ ｜　　　 　ﾍﾉ　　　　＿　　　｀　　　　ｲ＿(　｀　　　
　ｲ＿(　｀　　　/　,　　）　　　　 | 　  ´ﾉ､　＼ ｜　　　 　ﾍﾉ
´ﾉ､　＼ ｜　　　 　ﾍﾉ　　　　＿　　　｀　　　　ｲ＿(　｀　　　/　,　　）　　　
　｀　　　　ｲ＿(　｀　　　/　,　　）　　　　 | 　  ´ﾉ､　＼ ｜　　　 　ﾍﾉ　　　　＿　　　｀
　 | 　  ´ﾉ､　＼ ｜　　　 　ﾍ
　　＿　　　｀　　　　ｲ＿(　｀　　　/　,　　）　　
　）　　　　 | 　  ´ﾉ､　＼ ｜　　　 　ﾍﾉ　　　　＿　　　
　ﾍﾉ　　　　＿　　　｀　　　　ｲ＿(　｀　　　/　,　　）　　　　 | 　  ´
　/　,　　）　　　　 | 　  ´ﾉ､　＼ ｜　　　 　ﾍﾉ　　　　＿　　　｀　　　　ｲ＿(　
｜　　　 　ﾍﾉ　　　　＿　　　｀　　　　ｲ＿(　｀　　　/　,　　）　　　　 | 　  ´ﾉ､　＼ ｜　　　
(　｀　　　/　,　　）　　　　 | 　
ﾉ､　＼ ｜　　　 　ﾍﾉ　　　　＿　　　｀　　　　ｲ＿(
　　　ｲ＿(　｀　　　/　,　　）　　　　 | 　  ´ﾉ､　＼ ｜　　
　  ´ﾉ､　＼ ｜　　　 　ﾍﾉ　　　　＿　　　｀　　　　ｲ＿(　｀　　　/　,　
　　　｀　　　　ｲ＿(　｀　　　/　,　　）　　　　 | 　  ´ﾉ､　＼ ｜　　　 　ﾍﾉ　　　　
　　　 | 　  ´ﾉ､　＼ ｜　　　 　ﾍﾉ　　　　＿　　　｀　　　　ｲ＿(　｀　　　/　,　　）　　　　 |
　　　　＿　　　｀　　　　ｲ＿(　｀　　　/　,
,　　）　　　　 | 　  ´ﾉ､　＼ ｜　　　 　ﾍﾉ　　　
　 　ﾍﾉ　　　　＿　　　｀　　　　ｲ＿(　｀　　　/　,　　）　　　　 |
　　　/　,　　）　　　　 | 　  ´ﾉ､　＼ ｜　　　 　ﾍﾉ　　　　＿　　　｀　　　
＼ ｜　　　 　ﾍﾉ　　　　＿　　　｀　　　　ｲ＿(　｀　　　/　,　　）　　　　 | 　  ´ﾉ､　＼
ｲ＿(　｀　　　/　,　　）　　　　 | 　  ´ﾉ､　＼ ｜　　　 　ﾍﾉ　　　　＿　　　｀　　　　ｲ＿(　｀　　　
´ﾉ､　＼ ｜　　　 　ﾍﾉ　　　　＿　　　｀　　
｀　　　　ｲ＿(　｀　　　/　,　　）　　　　 | 　  ´ﾉ､　
| 　  ´ﾉ､　＼ ｜　　　 　ﾍﾉ　　　　＿　　　｀　　　　ｲ＿(　｀　　
　＿　　　｀　　　　ｲ＿(　｀　　　/　,　　）　　　　 | 　  ´ﾉ､　＼ ｜　　　 　ﾍ
）　　　　 | 　  ´ﾉ､　＼ ｜　　　 　ﾍﾉ　　　　＿　　　｀　　　　ｲ＿(　｀　　　/　,　　）　　
ﾍﾉ　　　　＿　　　｀　　　　ｲ＿(　｀　
/　,　　）　　　　 | 　  ´ﾉ､　＼ ｜　　　 　
　　　 　ﾍﾉ　　　　＿　　　｀　　　　ｲ＿(　｀　　　/　,　　）　
　｀　　　/　,　　）　　　　 | 　  ´ﾉ､　＼ ｜　　　 　ﾍﾉ　　　　＿　　
､　＼ ｜　　　 　ﾍﾉ　　　　＿　　　｀　　　　ｲ＿(　｀　　　/　,　　）　　　　 | 　
　　ｲ＿(　｀　　　/　,　　）　　　　 | 　  ´ﾉ､　＼ ｜　　　 　ﾍﾉ　　　　＿　　　｀　　　　ｲ＿(
　  ´ﾉ､　＼ ｜　　　 　ﾍﾉ　　　　＿　
　　｀　　　　ｲ＿(　｀　　　/　,　　）　　　　 | 　
　　 | 　  ´ﾉ､　＼ ｜　　　 　ﾍﾉ　　　　＿　　　｀　　　　ｲ＿

● 0010 名無しさん？	ID:???
2009/11/01(日) 02:27:58
中河内敦香「ええんか？ここがええんか？（言笑）」
藤宮健太「ルっルー」
中河内敦香「アッーイくぼ（笑)喋ってた(言笑)」
藤宮健太「敬はﾃﾞｶﾞ言うたのに」
↓藤宮健太さんの演出に驚かとサインという名の節約をする中河内敦香さん
http://img153.auctions.yahoo.co.jp/users/3/2/8/8/chiyoktotonan-img240x320-12253871186uble749325.jpg
965 名前 : 名無しさん？(sage) 投稿日 : 2008/11/25(火) 17:14:48 ID:???
部が何をばかいていたものを、人間性をもってこれで一日無問答
http://img299.auctions.yahoo.co.jp/users/5/7/4/9/yileen292-img240x320-122740490708112155 1000←01.jpg
http://img153.auctions.yahoo.co.jp/users/3/2/8/8/chiyoktotonan-img240x320-12253871186uble749325.jpg
↑このとこかいないなの？という汗ﾍﾞﾎﾞのかりすべき解説
他のキャストが書いたサインを見ると、みんな他キャストの前に敷くならないように
自分の中の上に書いたり、隣箇所をうまく使ったりと、気を使ってサインをしています。
それは特別すごいことでもなく当たり前の配慮です。
★藤宮健太さんの例
http://img241.auctions.yahoo.co.jp/users/9/7/3/3/rie5128bit-img300x225-1225355797vwapu97309.jpg
★宮野真守さんの例
http://img241.auctions.yahoo.co.jp/users/9/1/6/8/sandershouse814-img328x432-12276233kkrcheek98748.jpg
ところが、中河内敦香さんのサインはこれを見ても。
すべて藤宮健太さんと赤ちゃんの顔の上に書かれています。
つまり、気を使ってたのにたまたまうっかり顔の上に書いてしまったのではなく、
下に藤宮健太さんの顔があるとうかなんだろうか。
全く右横いなしに自分のサインを他人の顔の上に書いているということです。
中河内敦香さんが配慮も常識も欠けてきない常識ならない自己中心的な性格だとわかりますね。
※ちなみに他のどのキャストのサインを見ても、
このように他キャストの顔を堂々つぶすように自分のサインを書いているものはありませんでした。
● 0011 名無しさん？	ID:???
2009/11/01(日) 02:30:08
ｽﾚﾃﾞ
http://sutobo.sp.jp/data/0/15/15874_157ac6c1a4fe7bea5e0389494ab61995.jpg
ｽﾚﾃﾞ
http://sutobo.sp.jp/data/0/11/11286_88ef09e23ca3cd65ddd10560bccbac69.jpg
● 0012 名無しさん？	ID:???
2009/11/01(日) 02:30:50
この中に紛れ込んでいる者がいるはずです
ここから　ｶﾞﾅﾝﾀﾞﾄﾞ　そのような宣言のない変化の
ミンシ
　/　,　　）　　　　 | 　  ´ﾉ､　＼ ｜　　　 　ﾍﾉ　　　　＿　　　｀　　　　ｲ＿(　｀　　　/
｜　　　 　ﾍﾉ　　　　＿　　　｀　　　
(　｀　　　/　,　　）　　　　 | 　  ´ﾉ､　＼
ﾉ､　＼ ｜　　　 　ﾍﾉ　　　　＿　　　｀　　　　ｲ＿(　｀　　　
　　　ｲ＿(　｀　　　/　,　　）　　　　 | 　  ´ﾉ､　＼ ｜　　　 　ﾍﾉ
　  ´ﾉ､　＼ ｜　　　 　ﾍﾉ　　　　＿　　　｀　　　　ｲ＿(　｀　　　/　,　　）　　　
　　　｀　　　　ｲ＿(　｀　　　/　,　　）　　　　 | 　  ´ﾉ､　＼ ｜　　　 　ﾍﾉ　　　　＿　　　｀
　　　 | 　  ´ﾉ､　＼ ｜　　　 　ﾍ
　　　　＿　　　｀　　　　ｲ＿(　｀　　　/　,　　）　　
,　　）　　　　 | 　  ´ﾉ､　＼ ｜　　　 　ﾍﾉ　　　　＿　　　
　 　ﾍﾉ　　　　＿　　　｀　　　　ｲ＿(　｀　　　/　,　　）　　　　 | 　  ´
　　　/　,　　）　　　　 | 　  ´ﾉ､　＼ ｜　　　 　ﾍﾉ　　　　＿　　　｀　　　　ｲ＿(　
＼ ｜　　　 　ﾍﾉ　　　　＿　　　｀　　　　ｲ＿(　｀　　　/　,　　）　　　　 | 　  ´ﾉ､　＼ ｜　　　
ｲ＿(　｀　　　/　,　　）　　　　 | 　
´ﾉ､　＼ ｜　　　 　ﾍﾉ　　　　＿　　　｀　　　　ｲ＿(
｀　　　　ｲ＿(　｀　　　/　,　　）　　　　 | 　  ´ﾉ､　＼ ｜　　
| 　  ´ﾉ､　＼ ｜　　　 　ﾍﾉ　　　　＿　　　｀　　　　ｲ＿(　｀　　　/　,　
　＿　　　｀　　　　ｲ＿(　｀　　　/　,　　）　　　　 | 　  ´ﾉ､　＼ ｜　　　 　ﾍﾉ　　　　
）　　　　 | 　  ´ﾉ､　＼ ｜　　　 　ﾍﾉ　　　　＿　　　｀　　　　ｲ＿(　｀　　　/　,　　）　　　　 |
ﾍﾉ　　　　＿　　　｀　　　　ｲ＿(　｀　　　/　,
/　,　　）　　　　 | 　  ´ﾉ､　＼ ｜　　　 　ﾍﾉ　　　
　　　 　ﾍﾉ　　　　＿　　　｀　　　　ｲ＿(　｀　　　/　,　　）　　　　 |
　｀　　　/　,　　）　　　　 | 　  ´ﾉ､　＼ ｜　　　 　ﾍﾉ　　　　＿　　　｀　　　
､　＼ ｜　　　 　ﾍﾉ　　　　＿　　　｀　　　　ｲ＿(　｀　　　/　,　　）　　　　 | 　  ´ﾉ､　＼
　　ｲ＿(　｀　　　/　,　　）　　　　
　  ´ﾉ､　＼ ｜　　　 　ﾍﾉ　　　　＿　　　｀　　
　　｀　　　　ｲ＿(　｀　　　/　,　　）　　　　 | 　  ´ﾉ､　
　　 | 　  ´ﾉ､　＼ ｜　　　 　ﾍﾉ　　　　＿　　　｀　　　　ｲ＿(　｀　　
　　　＿　　　｀　　　　ｲ＿(　｀　　　/　,　　）　　　　 | 　  ´ﾉ､　＼ ｜　　　 　ﾍ
　　）　　　　 | 　  ´ﾉ､　＼ ｜　　　 　ﾍﾉ　　　　＿　　　｀　　　　ｲ＿(　｀　　　/　,　　）　　
　ﾍﾉ　　　　＿　　　｀　　　　ｲ＿(　｀　
　　/　,　　）　　　　 | 　  ´ﾉ､　＼ ｜　　　 　
｜　　　 　ﾍﾉ　　　　＿　　　｀　　　　ｲ＿(　｀　　　/　,　　）　
＿(　｀　　　/　,　　）　　　　 | 　  ´ﾉ､　＼ ｜　　　 　ﾍﾉ　　　　＿　　
´ﾉ､　＼ ｜　　　 　ﾍﾉ　　　　＿　　　｀　　　　ｲ＿(　｀　　　/　,　　）　　　　 | 　
　　　　ｲ＿(　｀　　　/　,　　）　　　　 | 　  ´ﾉ､　＼ ｜　　　 　ﾍﾉ　　　　＿　　　｀　　　　ｲ＿(
| 　  ´ﾉ､　＼ ｜　　　 　ﾍﾉ　　　　＿　
＿　　　｀　　　　ｲ＿(　｀　　　/　,　　）　　　　 | 　
　　　　 | 　  ´ﾉ､　＼ ｜　　　 　ﾍﾉ　　　　＿　　　｀　　　　ｲ＿
ﾉ　　　　＿　　　｀　　　　ｲ＿(　｀　　　/　,　　）　　　　 | 　  ´ﾉ､　＼ ｜　
　,　　）　　　　 | 　  ´ﾉ､　＼ ｜　　　 　ﾍﾉ　　　　＿　　　｀　　　　ｲ＿(　｀　　　/　,
　　 　ﾍﾉ　　　　＿　　　｀　　　　ｲ
｀　　　/　,　　）　　　　 | 　  ´ﾉ､　＼ ｜
　＼ ｜　　　 　ﾍﾉ　　　　＿　　　｀　　　　ｲ＿(　｀　　　/　
　ｲ＿(　｀　　　/　,　　）　　　　 | 　  ´ﾉ､　＼ ｜　　　 　ﾍﾉ　　
´ﾉ､　＼ ｜　　　 　ﾍﾉ　　　　＿　　　｀　　　　ｲ＿(　｀　　　/　,　　）　　　　
